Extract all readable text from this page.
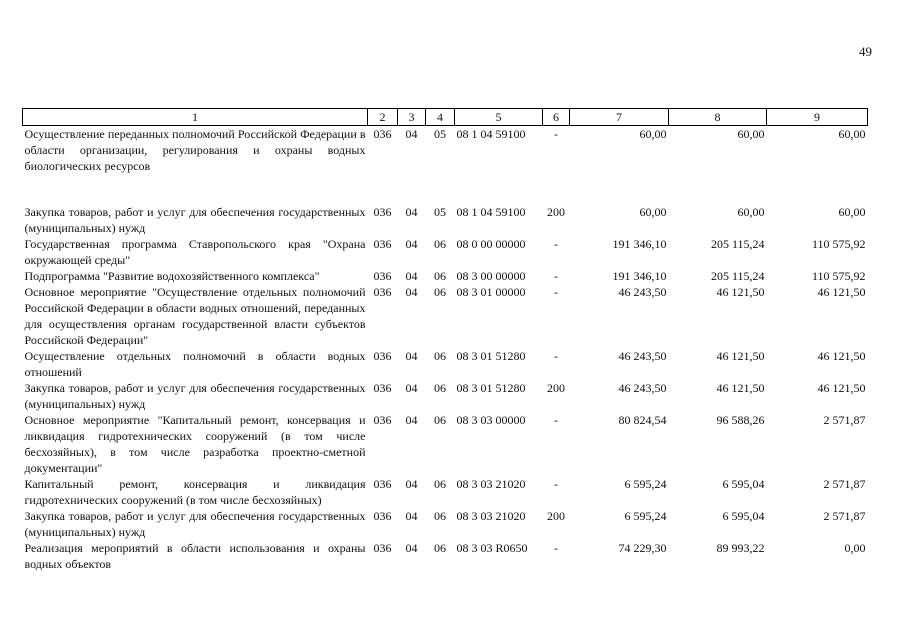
49
1	2	3	4	5	6	7	8	9
Осуществление переданных полномочий Российской Федерации в области организации, регулирования и охраны водных биологических ресурсов	036	04	05	08 1 04 59100	-	60,00	60,00	60,00
Закупка товаров, работ и услуг для обеспечения государственных (муниципальных) нужд	036	04	05	08 1 04 59100	200	60,00	60,00	60,00
Государственная программа Ставропольского края "Охрана окружающей среды"	036	04	06	08 0 00 00000	-	191 346,10	205 115,24	110 575,92
Подпрограмма "Развитие водохозяйственного комплекса"	036	04	06	08 3 00 00000	-	191 346,10	205 115,24	110 575,92
Основное мероприятие "Осуществление отдельных полномочий Российской Федерации в области водных отношений, переданных для осуществления органам государственной власти субъектов Российской Федерации"	036	04	06	08 3 01 00000	-	46 243,50	46 121,50	46 121,50
Осуществление отдельных полномочий в области водных отношений	036	04	06	08 3 01 51280	-	46 243,50	46 121,50	46 121,50
Закупка товаров, работ и услуг для обеспечения государственных (муниципальных) нужд	036	04	06	08 3 01 51280	200	46 243,50	46 121,50	46 121,50
Основное мероприятие "Капитальный ремонт, консервация и ликвидация гидротехнических сооружений (в том числе бесхозяйных), в том числе разработка проектно-сметной документации"	036	04	06	08 3 03 00000	-	80 824,54	96 588,26	2 571,87
Капитальный ремонт, консервация и ликвидация гидротехнических сооружений (в том числе бесхозяйных)	036	04	06	08 3 03 21020	-	6 595,24	6 595,04	2 571,87
Закупка товаров, работ и услуг для обеспечения государственных (муниципальных) нужд	036	04	06	08 3 03 21020	200	6 595,24	6 595,04	2 571,87
Реализация мероприятий в области использования и охраны водных объектов	036	04	06	08 3 03 R0650	-	74 229,30	89 993,22	0,00
